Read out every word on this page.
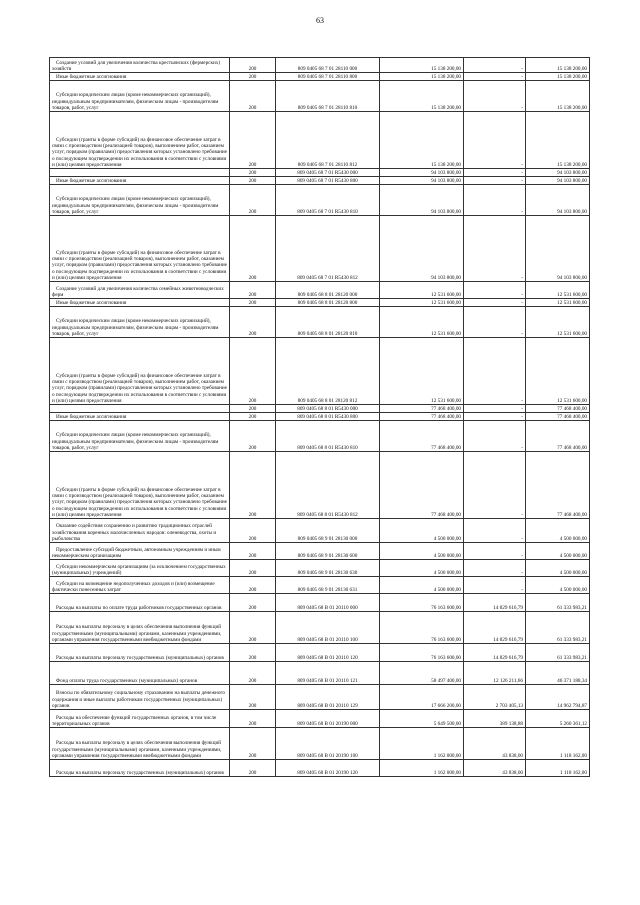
63
Создание условий для увеличения количества крестьянских (фермерских) хозяйств	200	809 0405 68 7 01 28110 000	15 138 200,00	-	15 138 200,00

Иные бюджетные ассигнования	200	809 0405 68 7 01 28110 800	15 138 200,00	-	15 138 200,00

Субсидии юридическим лицам (кроме некоммерческих организаций), индивидуальным предпринимателям, физическим лицам - производителям товаров, работ, услуг	200	809 0405 68 7 01 28110 810	15 138 200,00	-	15 138 200,00

Субсидии (гранты в форме субсидий) на финансовое обеспечение затрат в связи с производством (реализацией товаров), выполнением работ, оказанием услуг, порядком (правилами) предоставления которых установлено требование о последующем подтверждении их использования в соответствии с условиями и (или) целями предоставления	200	809 0405 68 7 01 28110 812	15 138 200,00	-	15 138 200,00

	200	809 0405 68 7 01 R5430 000	94 103 800,00	-	94 103 800,00

Иные бюджетные ассигнования	200	809 0405 68 7 01 R5430 800	94 103 800,00	-	94 103 800,00

Субсидии юридическим лицам (кроме некоммерческих организаций), индивидуальным предпринимателям, физическим лицам - производителям товаров, работ, услуг	200	809 0405 68 7 01 R5430 810	94 103 800,00	-	94 103 800,00

Субсидии (гранты в форме субсидий) на финансовое обеспечение затрат в связи с производством (реализацией товаров), выполнением работ, оказанием услуг, порядком (правилами) предоставления которых установлено требование о последующем подтверждении их использования в соответствии с условиями и (или) целями предоставления	200	809 0405 68 7 01 R5430 812	94 103 800,00	-	94 103 800,00

Создание условий для увеличения количества семейных животноводческих ферм	200	809 0405 68 8 01 28120 000	12 531 600,00	-	12 531 600,00

Иные бюджетные ассигнования	200	809 0405 68 8 01 28120 800	12 531 600,00	-	12 531 600,00

Субсидии юридическим лицам (кроме некоммерческих организаций), индивидуальным предпринимателям, физическим лицам - производителям товаров, работ, услуг	200	809 0405 68 8 01 28120 810	12 531 600,00	-	12 531 600,00

Субсидии (гранты в форме субсидий) на финансовое обеспечение затрат в связи с производством (реализацией товаров), выполнением работ, оказанием услуг, порядком (правилами) предоставления которых установлено требование о последующем подтверждении их использования в соответствии с условиями и (или) целями предоставления	200	809 0405 68 8 01 28120 812	12 531 600,00	-	12 531 600,00

	200	809 0405 68 8 01 R5430 000	77 468 400,00	-	77 468 400,00

Иные бюджетные ассигнования	200	809 0405 68 8 01 R5430 800	77 468 400,00	-	77 468 400,00

Субсидии юридическим лицам (кроме некоммерческих организаций), индивидуальным предпринимателям, физическим лицам - производителям товаров, работ, услуг	200	809 0405 68 8 01 R5430 810	77 468 400,00	-	77 468 400,00

Субсидии (гранты в форме субсидий) на финансовое обеспечение затрат в связи с производством (реализацией товаров), выполнением работ, оказанием услуг, порядком (правилами) предоставления которых установлено требование о последующем подтверждении их использования в соответствии с условиями и (или) целями предоставления	200	809 0405 68 8 01 R5430 812	77 468 400,00	-	77 468 400,00

Оказание содействия сохранению и развитию традиционных отраслей хозяйствования коренных малочисленных народов: оленеводства, охоты и рыболовства	200	809 0405 68 9 01 28130 000	4 500 000,00	-	4 500 000,00

Предоставление субсидий бюджетным, автономным учреждениям и иным некоммерческим организациям	200	809 0405 68 9 01 28130 600	4 500 000,00	-	4 500 000,00

Субсидии некоммерческим организациям (за исключением государственных (муниципальных) учреждений)	200	809 0405 68 9 01 28130 630	4 500 000,00	-	4 500 000,00

Субсидии на возмещение недополученных доходов и (или) возмещение фактически понесенных затрат	200	809 0405 68 9 01 28130 631	4 500 000,00	-	4 500 000,00

Расходы на выплаты по оплате труда работников государственных органов	200	809 0405 68 В 01 20110 000	76 163 600,00	14 829 616,79	61 333 983,21

Расходы на выплаты персоналу в целях обеспечения выполнения функций государственными (муниципальными) органами, казенными учреждениями, органами управления государственными внебюджетными фондами	200	809 0405 68 В 01 20110 100	76 163 600,00	14 829 616,79	61 333 983,21

Расходы на выплаты персоналу государственных (муниципальных) органов	200	809 0405 68 В 01 20110 120	76 163 600,00	14 829 616,79	61 333 983,21

Фонд оплаты труда государственных (муниципальных) органов	200	809 0405 68 В 01 20110 121	58 497 400,00	12 126 211,66	46 371 188,34

Взносы по обязательному социальному страхованию на выплаты денежного содержания и иные выплаты работникам государственных (муниципальных) органов	200	809 0405 68 В 01 20110 129	17 666 200,00	2 703 405,13	14 962 794,87

Расходы на обеспечение функций государственных органов, в том числе территориальных органов	200	809 0405 68 В 01 20190 000	5 649 500,00	389 138,88	5 260 361,12

Расходы на выплаты персоналу в целях обеспечения выполнения функций государственными (муниципальными) органами, казенными учреждениями, органами управления государственными внебюджетными фондами	200	809 0405 68 В 01 20190 100	1 162 000,00	43 838,00	1 118 162,00

Расходы на выплаты персоналу государственных (муниципальных) органов	200	809 0405 68 В 01 20190 120	1 162 000,00	43 838,00	1 118 162,00
